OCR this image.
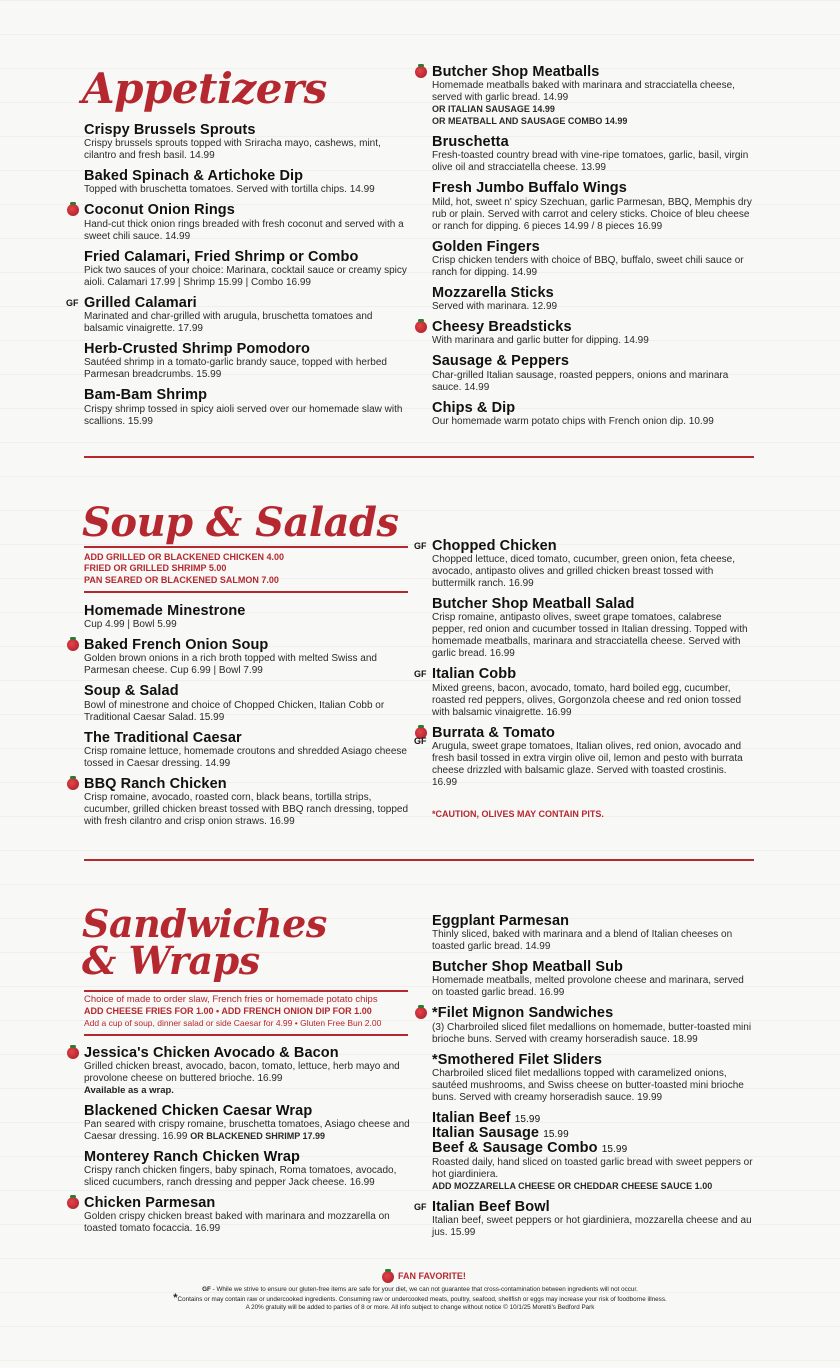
Appetizers
Crispy Brussels Sprouts
Crispy brussels sprouts topped with Sriracha mayo, cashews, mint, cilantro and fresh basil. 14.99
Baked Spinach & Artichoke Dip
Topped with bruschetta tomatoes. Served with tortilla chips. 14.99
Coconut Onion Rings
Hand-cut thick onion rings breaded with fresh coconut and served with a sweet chili sauce. 14.99
Fried Calamari, Fried Shrimp or Combo
Pick two sauces of your choice: Marinara, cocktail sauce or creamy spicy aioli. Calamari 17.99 | Shrimp 15.99 | Combo 16.99
GF Grilled Calamari
Marinated and char-grilled with arugula, bruschetta tomatoes and balsamic vinaigrette. 17.99
Herb-Crusted Shrimp Pomodoro
Sautéed shrimp in a tomato-garlic brandy sauce, topped with herbed Parmesan breadcrumbs. 15.99
Bam-Bam Shrimp
Crispy shrimp tossed in spicy aioli served over our homemade slaw with scallions. 15.99
Butcher Shop Meatballs
Homemade meatballs baked with marinara and stracciatella cheese, served with garlic bread. 14.99
OR ITALIAN SAUSAGE 14.99
OR MEATBALL AND SAUSAGE COMBO 14.99
Bruschetta
Fresh-toasted country bread with vine-ripe tomatoes, garlic, basil, virgin olive oil and stracciatella cheese. 13.99
Fresh Jumbo Buffalo Wings
Mild, hot, sweet n' spicy Szechuan, garlic Parmesan, BBQ, Memphis dry rub or plain. Served with carrot and celery sticks. Choice of bleu cheese or ranch for dipping. 6 pieces 14.99 / 8 pieces 16.99
Golden Fingers
Crisp chicken tenders with choice of BBQ, buffalo, sweet chili sauce or ranch for dipping. 14.99
Mozzarella Sticks
Served with marinara. 12.99
Cheesy Breadsticks
With marinara and garlic butter for dipping. 14.99
Sausage & Peppers
Char-grilled Italian sausage, roasted peppers, onions and marinara sauce. 14.99
Chips & Dip
Our homemade warm potato chips with French onion dip. 10.99
Soup & Salads
ADD GRILLED OR BLACKENED CHICKEN 4.00
FRIED OR GRILLED SHRIMP 5.00
PAN SEARED OR BLACKENED SALMON 7.00
Homemade Minestrone
Cup 4.99 | Bowl 5.99
Baked French Onion Soup
Golden brown onions in a rich broth topped with melted Swiss and Parmesan cheese. Cup 6.99 | Bowl 7.99
Soup & Salad
Bowl of minestrone and choice of Chopped Chicken, Italian Cobb or Traditional Caesar Salad. 15.99
The Traditional Caesar
Crisp romaine lettuce, homemade croutons and shredded Asiago cheese tossed in Caesar dressing. 14.99
BBQ Ranch Chicken
Crisp romaine, avocado, roasted corn, black beans, tortilla strips, cucumber, grilled chicken breast tossed with BBQ ranch dressing, topped with fresh cilantro and crisp onion straws. 16.99
GF Chopped Chicken
Chopped lettuce, diced tomato, cucumber, green onion, feta cheese, avocado, antipasto olives and grilled chicken breast tossed with buttermilk ranch. 16.99
Butcher Shop Meatball Salad
Crisp romaine, antipasto olives, sweet grape tomatoes, calabrese pepper, red onion and cucumber tossed in Italian dressing. Topped with homemade meatballs, marinara and stracciatella cheese. Served with garlic bread. 16.99
GF Italian Cobb
Mixed greens, bacon, avocado, tomato, hard boiled egg, cucumber, roasted red peppers, olives, Gorgonzola cheese and red onion tossed with balsamic vinaigrette. 16.99
GF Burrata & Tomato
Arugula, sweet grape tomatoes, Italian olives, red onion, avocado and fresh basil tossed in extra virgin olive oil, lemon and pesto with burrata cheese drizzled with balsamic glaze. Served with toasted crostinis. 16.99
*CAUTION, OLIVES MAY CONTAIN PITS.
Sandwiches
& Wraps
Choice of made to order slaw, French fries or homemade potato chips
ADD CHEESE FRIES FOR 1.00 • ADD FRENCH ONION DIP FOR 1.00
Add a cup of soup, dinner salad or side Caesar for 4.99 • Gluten Free Bun 2.00
Jessica's Chicken Avocado & Bacon
Grilled chicken breast, avocado, bacon, tomato, lettuce, herb mayo and provolone cheese on buttered brioche. 16.99
Available as a wrap.
Blackened Chicken Caesar Wrap
Pan seared with crispy romaine, bruschetta tomatoes, Asiago cheese and Caesar dressing. 16.99 OR BLACKENED SHRIMP 17.99
Monterey Ranch Chicken Wrap
Crispy ranch chicken fingers, baby spinach, Roma tomatoes, avocado, sliced cucumbers, ranch dressing and pepper Jack cheese. 16.99
Chicken Parmesan
Golden crispy chicken breast baked with marinara and mozzarella on toasted tomato focaccia. 16.99
Eggplant Parmesan
Thinly sliced, baked with marinara and a blend of Italian cheeses on toasted garlic bread. 14.99
Butcher Shop Meatball Sub
Homemade meatballs, melted provolone cheese and marinara, served on toasted garlic bread. 16.99
*Filet Mignon Sandwiches
(3) Charbroiled sliced filet medallions on homemade, butter-toasted mini brioche buns. Served with creamy horseradish sauce. 18.99
*Smothered Filet Sliders
Charbroiled sliced filet medallions topped with caramelized onions, sautéed mushrooms, and Swiss cheese on butter-toasted mini brioche buns. Served with creamy horseradish sauce. 19.99
Italian Beef 15.99
Italian Sausage 15.99
Beef & Sausage Combo 15.99
Roasted daily, hand sliced on toasted garlic bread with sweet peppers or hot giardiniera.
ADD MOZZARELLA CHEESE OR CHEDDAR CHEESE SAUCE 1.00
GF Italian Beef Bowl
Italian beef, sweet peppers or hot giardiniera, mozzarella cheese and au jus. 15.99
FAN FAVORITE!
GF - While we strive to ensure our gluten-free items are safe for your diet, we can not guarantee that cross-contamination between ingredients will not occur.
*Contains or may contain raw or undercooked ingredients. Consuming raw or undercooked meats, poultry, seafood, shellfish or eggs may increase your risk of foodborne illness.
A 20% gratuity will be added to parties of 8 or more. All info subject to change without notice © 10/1/25 Moretti's Bedford Park
